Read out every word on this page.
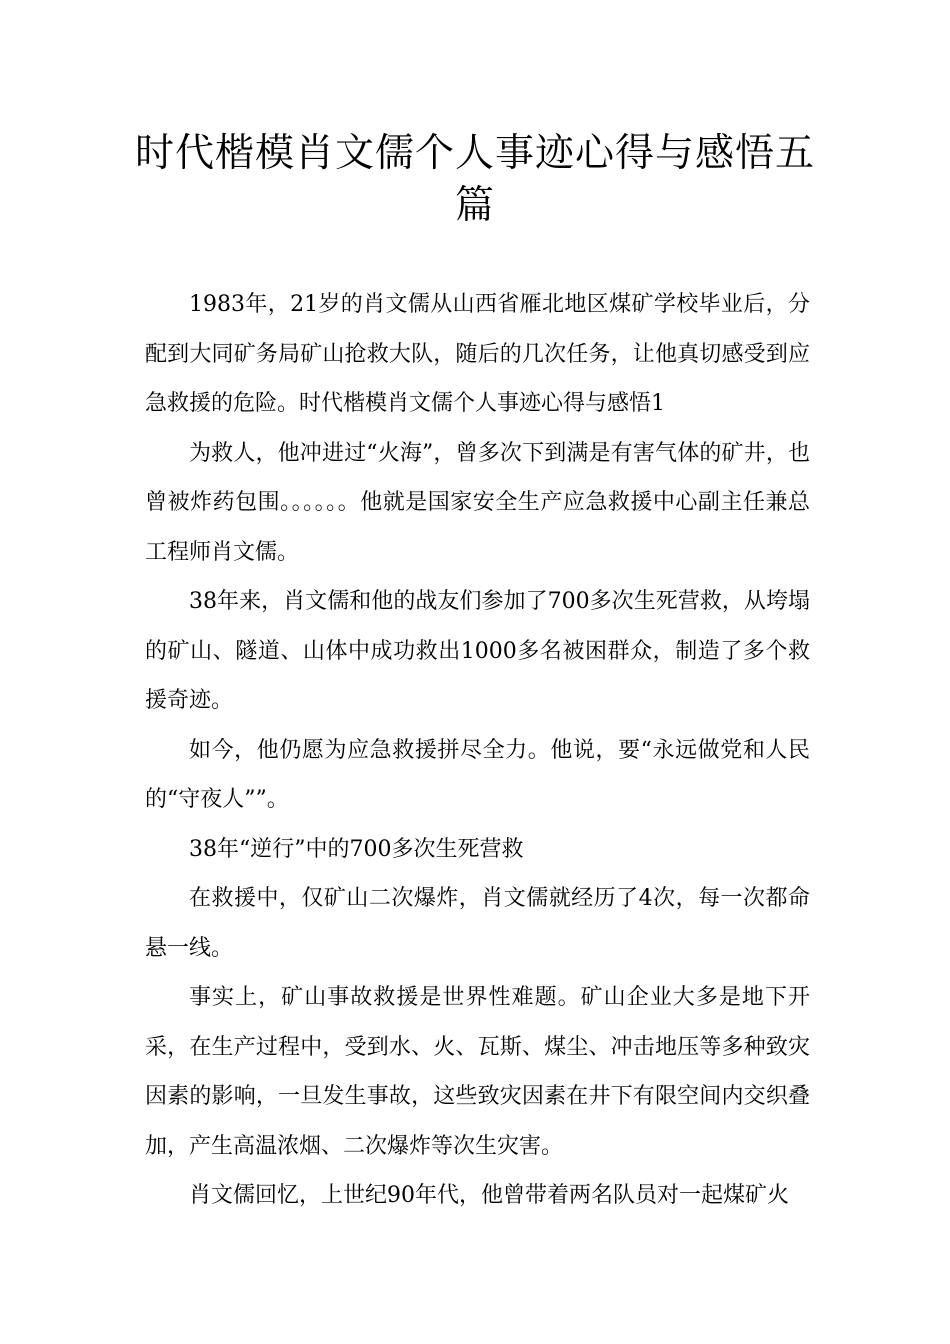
时代楷模肖文儒个人事迹心得与感悟五篇

1983年，21岁的肖文儒从山西省雁北地区煤矿学校毕业后，分配到大同矿务局矿山抢救大队，随后的几次任务，让他真切感受到应急救援的危险。时代楷模肖文儒个人事迹心得与感悟1

为救人，他冲进过“火海”，曾多次下到满是有害气体的矿井，也曾被炸药包围。。。。。。他就是国家安全生产应急救援中心副主任兼总工程师肖文儒。

38年来，肖文儒和他的战友们参加了700多次生死营救，从垮塌的矿山、隧道、山体中成功救出1000多名被困群众，制造了多个救援奇迹。

如今，他仍愿为应急救援拼尽全力。他说，要“永远做党和人民的“守夜人””。

38年“逆行”中的700多次生死营救

在救援中，仅矿山二次爆炸，肖文儒就经历了4次，每一次都命悬一线。

事实上，矿山事故救援是世界性难题。矿山企业大多是地下开采，在生产过程中，受到水、火、瓦斯、煤尘、冲击地压等多种致灾因素的影响，一旦发生事故，这些致灾因素在井下有限空间内交织叠加，产生高温浓烟、二次爆炸等次生灾害。

肖文儒回忆，上世纪90年代，他曾带着两名队员对一起煤矿火
